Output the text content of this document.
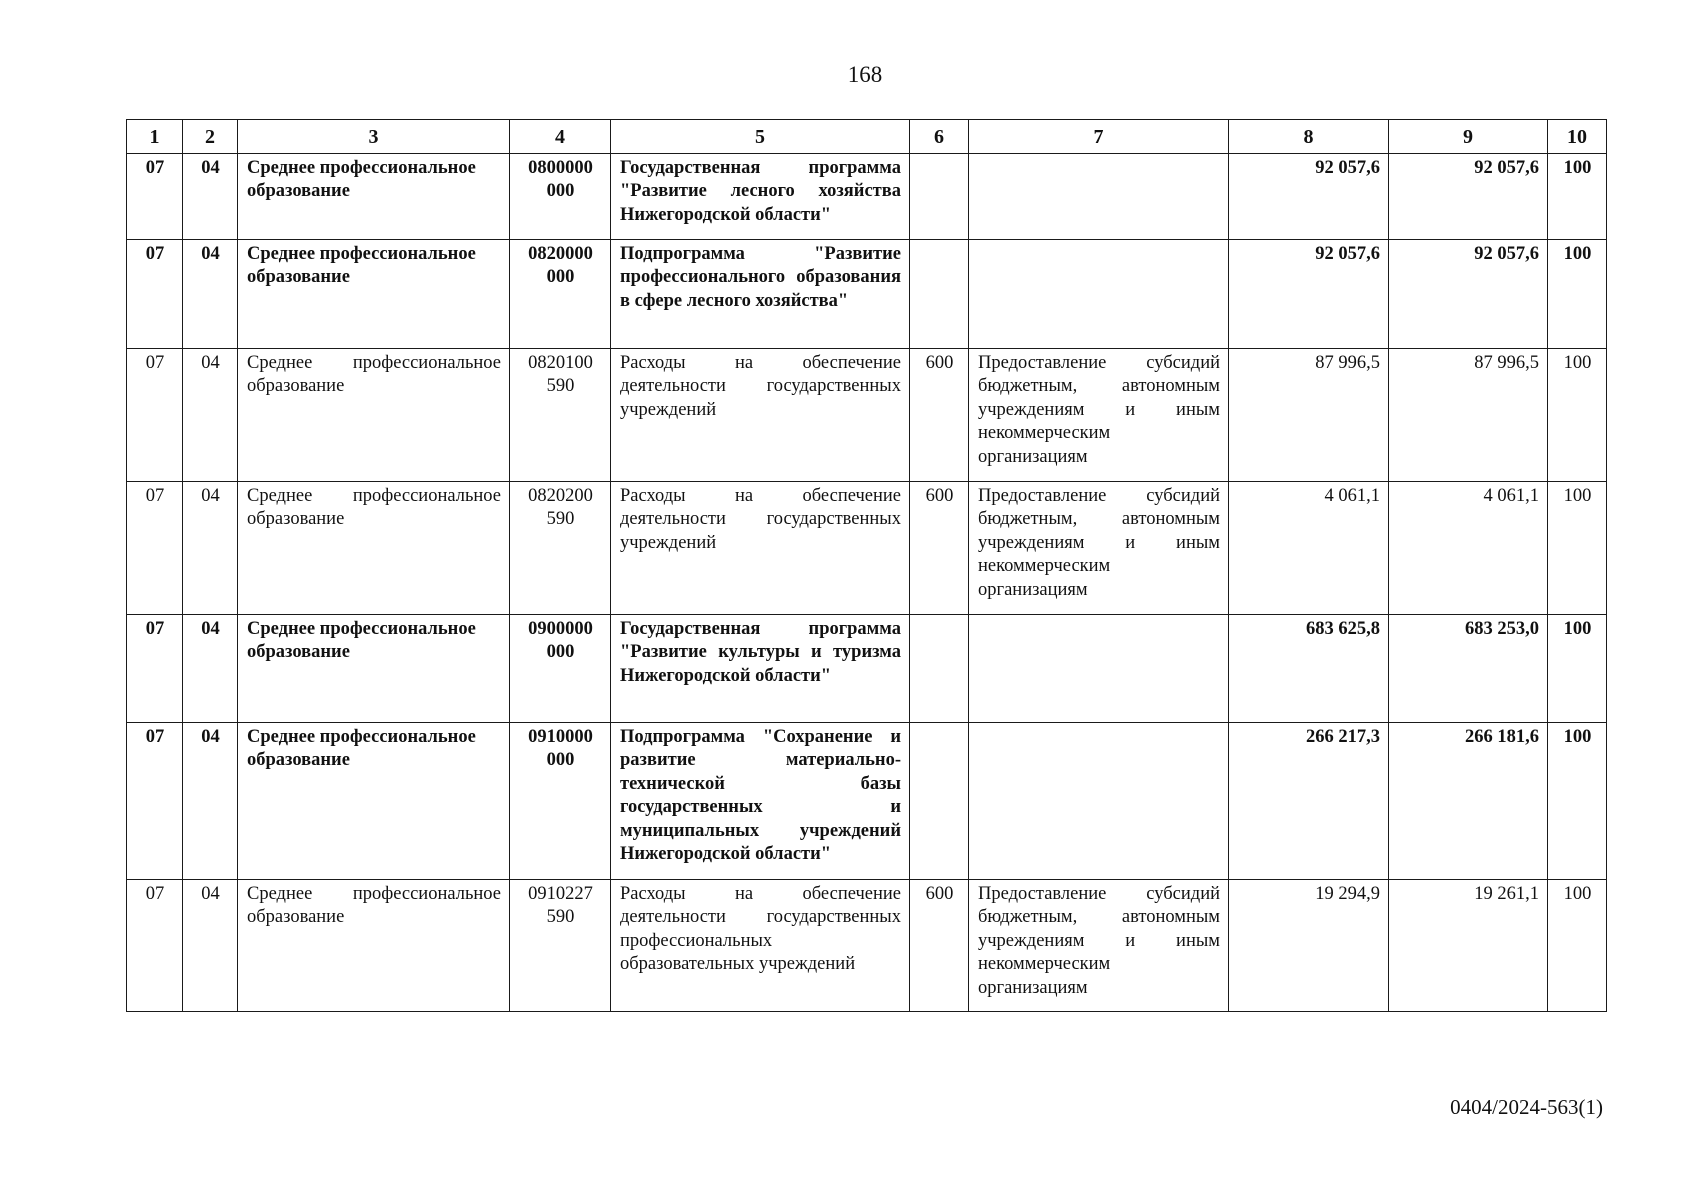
168
1	2	3	4	5	6	7	8	9	10
07	04	Среднее профессиональное образование	0800000 000	Государственная программа "Развитие лесного хозяйства Нижегородской области"			92 057,6	92 057,6	100
07	04	Среднее профессиональное образование	0820000 000	Подпрограмма "Развитие профессионального образования в сфере лесного хозяйства"			92 057,6	92 057,6	100
07	04	Среднее профессиональное образование	0820100 590	Расходы на обеспечение деятельности государственных учреждений	600	Предоставление субсидий бюджетным, автономным учреждениям и иным некоммерческим организациям	87 996,5	87 996,5	100
07	04	Среднее профессиональное образование	0820200 590	Расходы на обеспечение деятельности государственных учреждений	600	Предоставление субсидий бюджетным, автономным учреждениям и иным некоммерческим организациям	4 061,1	4 061,1	100
07	04	Среднее профессиональное образование	0900000 000	Государственная программа "Развитие культуры и туризма Нижегородской области"			683 625,8	683 253,0	100
07	04	Среднее профессиональное образование	0910000 000	Подпрограмма "Сохранение и развитие материально-технической базы государственных и муниципальных учреждений Нижегородской области"			266 217,3	266 181,6	100
07	04	Среднее профессиональное образование	0910227 590	Расходы на обеспечение деятельности государственных профессиональных образовательных учреждений	600	Предоставление субсидий бюджетным, автономным учреждениям и иным некоммерческим организациям	19 294,9	19 261,1	100
0404/2024-563(1)
